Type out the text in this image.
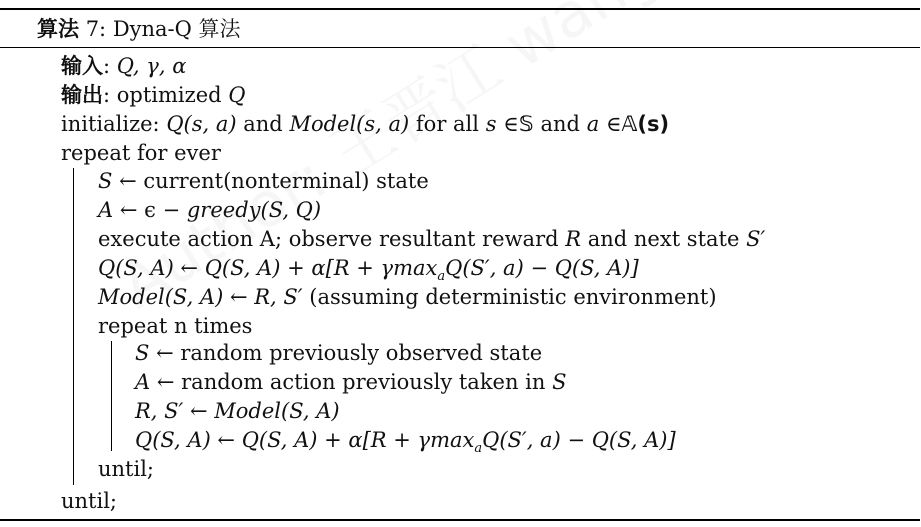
算法 7: Dyna-Q 算法
输入: Q, γ, α
输出: optimized Q
initialize: Q(s, a) and Model(s, a) for all s ∈𝕊 and a ∈𝔸(s)
repeat for ever
S ← current(nonterminal) state
A ← ϵ − greedy(S, Q)
execute action A; observe resultant reward R and next state S′
Q(S, A) ← Q(S, A) + α[R + γmax$_a$Q(S′, a) − Q(S, A)]
Model(S, A) ← R, S′ (assuming deterministic environment)
repeat n times
S ← random previously observed state
A ← random action previously taken in S
R, S′ ← Model(S, A)
Q(S, A) ← Q(S, A) + α[R + γmax$_a$Q(S′, a) − Q(S, A)]
until;
until;
